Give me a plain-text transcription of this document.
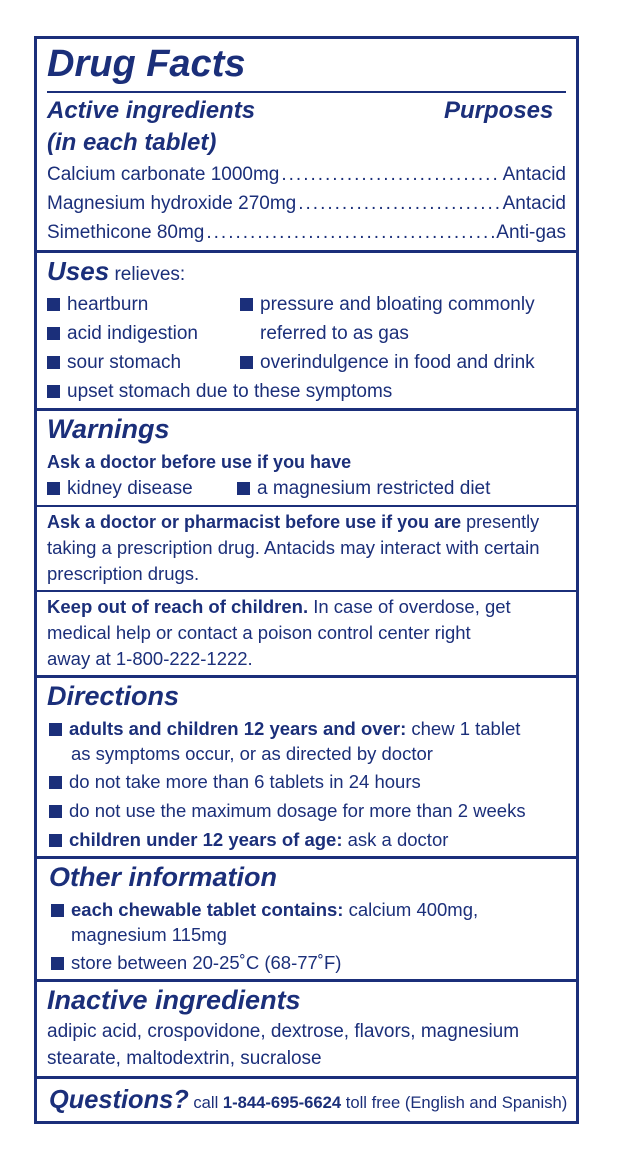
Drug Facts
Active ingredients
(in each tablet)
Purposes
Calcium carbonate 1000mg .....	Antacid
Magnesium hydroxide 270mg .....	Antacid
Simethicone 80mg .....	Anti-gas
Uses relieves:
heartburn
acid indigestion
sour stomach
pressure and bloating commonly
referred to as gas
overindulgence in food and drink
upset stomach due to these symptoms
Warnings
Ask a doctor before use if you have
kidney disease	a magnesium restricted diet
Ask a doctor or pharmacist before use if you are presently
taking a prescription drug. Antacids may interact with certain
prescription drugs.
Keep out of reach of children. In case of overdose, get
medical help or contact a poison control center right
away at 1-800-222-1222.
Directions
adults and children 12 years and over: chew 1 tablet
as symptoms occur, or as directed by doctor
do not take more than 6 tablets in 24 hours
do not use the maximum dosage for more than 2 weeks
children under 12 years of age: ask a doctor
Other information
each chewable tablet contains: calcium 400mg,
magnesium 115mg
store between 20-25˚C (68-77˚F)
Inactive ingredients
adipic acid, crospovidone, dextrose, flavors, magnesium
stearate, maltodextrin, sucralose
Questions? call 1-844-695-6624 toll free (English and Spanish)
